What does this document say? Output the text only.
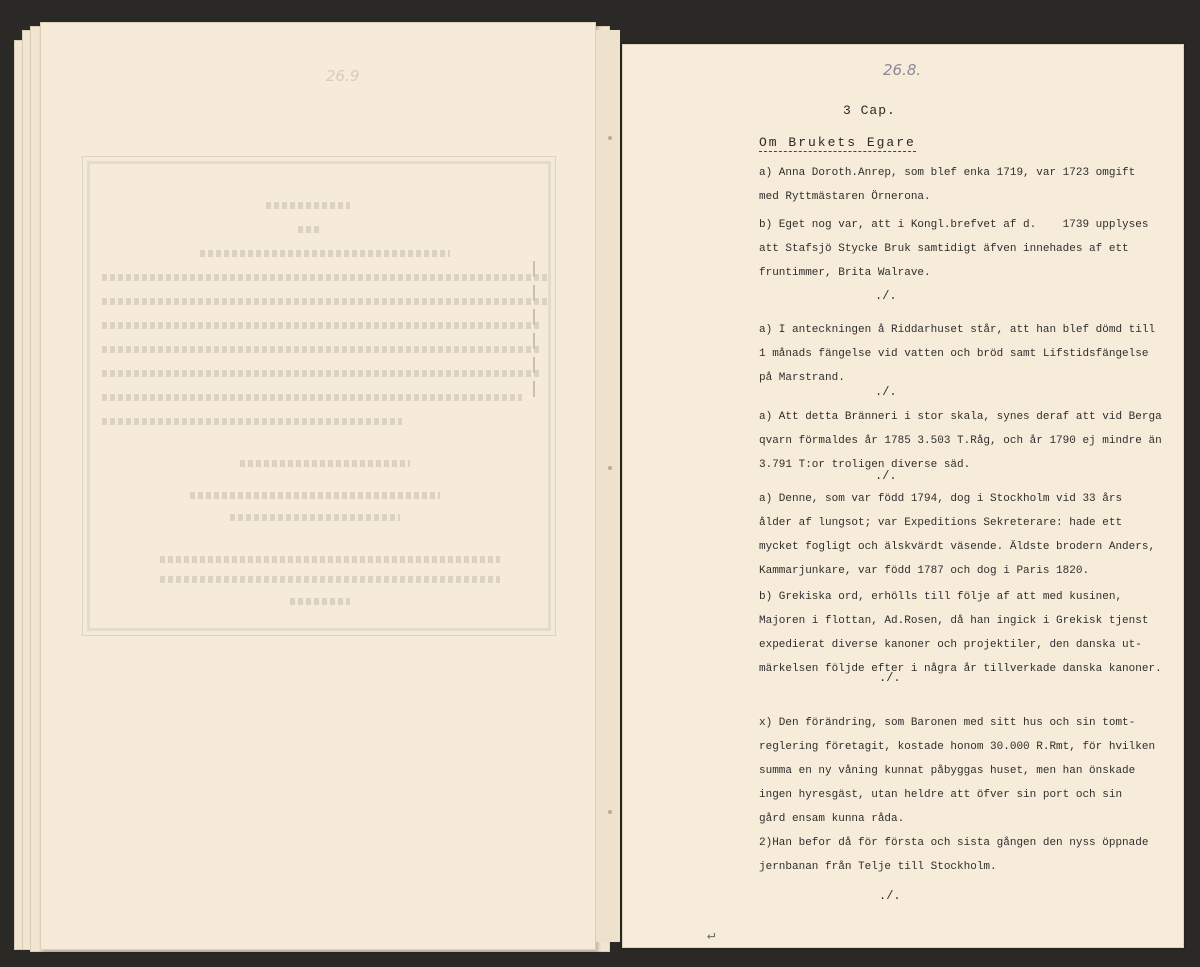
26.9	26.8.
3 Cap.
Om Brukets Egare
a) Anna Doroth.Anrep, som blef enka 1719, var 1723 omgift
med Ryttmästaren Örnerona.
b) Eget nog var, att i Kongl.brefvet af d.    1739 upplyses
att Stafsjö Stycke Bruk samtidigt äfven innehades af ett
fruntimmer, Brita Walrave.
./.
a) I anteckningen å Riddarhuset står, att han blef dömd till
1 månads fängelse vid vatten och bröd samt Lifstidsfängelse
på Marstrand.
./.
a) Att detta Bränneri i stor skala, synes deraf att vid Berga
qvarn förmaldes år 1785 3.503 T.Råg, och år 1790 ej mindre än
3.791 T:or troligen diverse säd.
./.
a) Denne, som var född 1794, dog i Stockholm vid 33 års
ålder af lungsot; var Expeditions Sekreterare: hade ett
mycket fogligt och älskvärdt väsende. Äldste brodern Anders,
Kammarjunkare, var född 1787 och dog i Paris 1820.
b) Grekiska ord, erhölls till följe af att med kusinen,
Majoren i flottan, Ad.Rosen, då han ingick i Grekisk tjenst
expedierat diverse kanoner och projektiler, den danska ut-
märkelsen följde efter i några år tillverkade danska kanoner.
./.
x) Den förändring, som Baronen med sitt hus och sin tomt-
reglering företagit, kostade honom 30.000 R.Rmt, för hvilken
summa en ny våning kunnat påbyggas huset, men han önskade
ingen hyresgäst, utan heldre att öfver sin port och sin
gård ensam kunna råda.
2)Han befor då för första och sista gången den nyss öppnade
jernbanan från Telje till Stockholm.
./.
↵
